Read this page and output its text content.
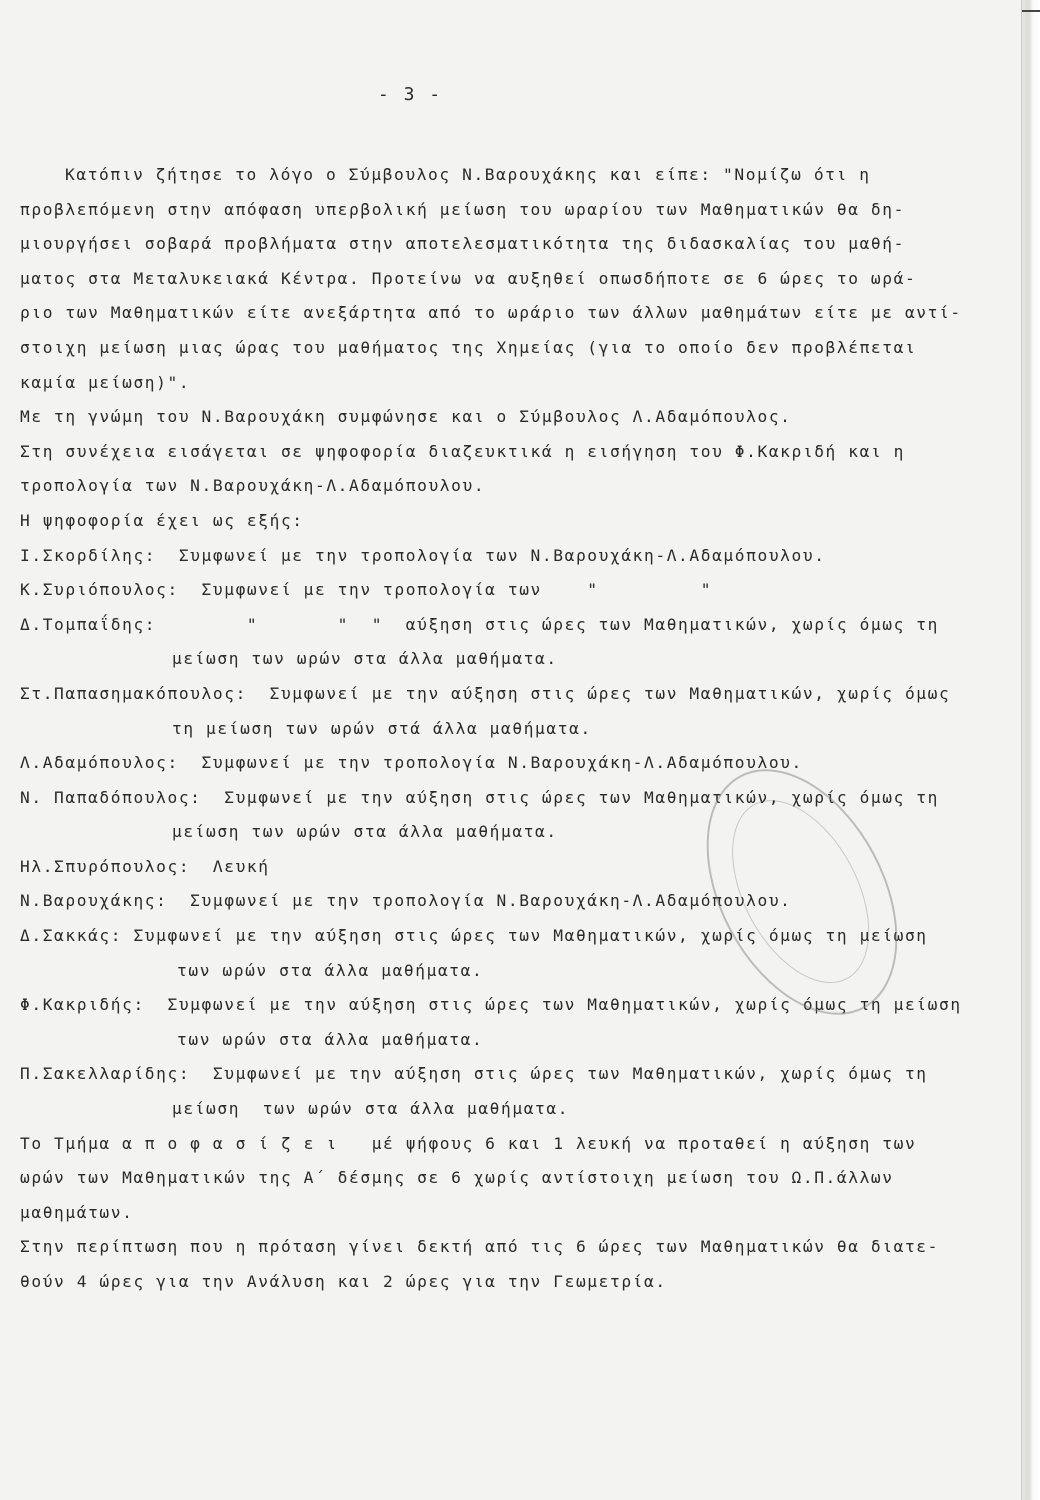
- 3 -
Κατόπιν ζήτησε το λόγο ο Σύμβουλος Ν.Βαρουχάκης και είπε: "Νομίζω ότι η
προβλεπόμενη στην απόφαση υπερβολική μείωση του ωραρίου των Μαθηματικών θα δη-
μιουργήσει σοβαρά προβλήματα στην αποτελεσματικότητα της διδασκαλίας του μαθή-
ματος στα Μεταλυκειακά Κέντρα. Προτείνω να αυξηθεί οπωσδήποτε σε 6 ώρες το ωρά-
ριο των Μαθηματικών είτε ανεξάρτητα από το ωράριο των άλλων μαθημάτων είτε με αντί-
στοιχη μείωση μιας ώρας του μαθήματος της Χημείας (για το οποίο δεν προβλέπεται
καμία μείωση)".
Με τη γνώμη του Ν.Βαρουχάκη συμφώνησε και ο Σύμβουλος Λ.Αδαμόπουλος.
Στη συνέχεια εισάγεται σε ψηφοφορία διαζευκτικά η εισήγηση του Φ.Κακριδή και η
τροπολογία των Ν.Βαρουχάκη-Λ.Αδαμόπουλου.
Η ψηφοφορία έχει ως εξής:
Ι.Σκορδίλης:  Συμφωνεί με την τροπολογία των Ν.Βαρουχάκη-Λ.Αδαμόπουλου.
Κ.Συριόπουλος:  Συμφωνεί με την τροπολογία των    "         "
Δ.Τομπαΐδης:        "       "  "  αύξηση στις ώρες των Μαθηματικών, χωρίς όμως τη
μείωση των ωρών στα άλλα μαθήματα.
Στ.Παπασημακόπουλος:  Συμφωνεί με την αύξηση στις ώρες των Μαθηματικών, χωρίς όμως
τη μείωση των ωρών στά άλλα μαθήματα.
Λ.Αδαμόπουλος:  Συμφωνεί με την τροπολογία Ν.Βαρουχάκη-Λ.Αδαμόπουλου.
Ν. Παπαδόπουλος:  Συμφωνεί με την αύξηση στις ώρες των Μαθηματικών, χωρίς όμως τη
μείωση των ωρών στα άλλα μαθήματα.
Ηλ.Σπυρόπουλος:  Λευκή
Ν.Βαρουχάκης:  Συμφωνεί με την τροπολογία Ν.Βαρουχάκη-Λ.Αδαμόπουλου.
Δ.Σακκάς: Συμφωνεί με την αύξηση στις ώρες των Μαθηματικών, χωρίς όμως τη μείωση
των ωρών στα άλλα μαθήματα.
Φ.Κακριδής:  Συμφωνεί με την αύξηση στις ώρες των Μαθηματικών, χωρίς όμως τη μείωση
των ωρών στα άλλα μαθήματα.
Π.Σακελλαρίδης:  Συμφωνεί με την αύξηση στις ώρες των Μαθηματικών, χωρίς όμως τη
μείωση  των ωρών στα άλλα μαθήματα.
Το Τμήμα α π ο φ α σ ί ζ ε ι   μέ ψήφους 6 και 1 λευκή να προταθεί η αύξηση των
ωρών των Μαθηματικών της Α΄ δέσμης σε 6 χωρίς αντίστοιχη μείωση του Ω.Π.άλλων
μαθημάτων.
Στην περίπτωση που η πρόταση γίνει δεκτή από τις 6 ώρες των Μαθηματικών θα διατε-
θούν 4 ώρες για την Ανάλυση και 2 ώρες για την Γεωμετρία.
